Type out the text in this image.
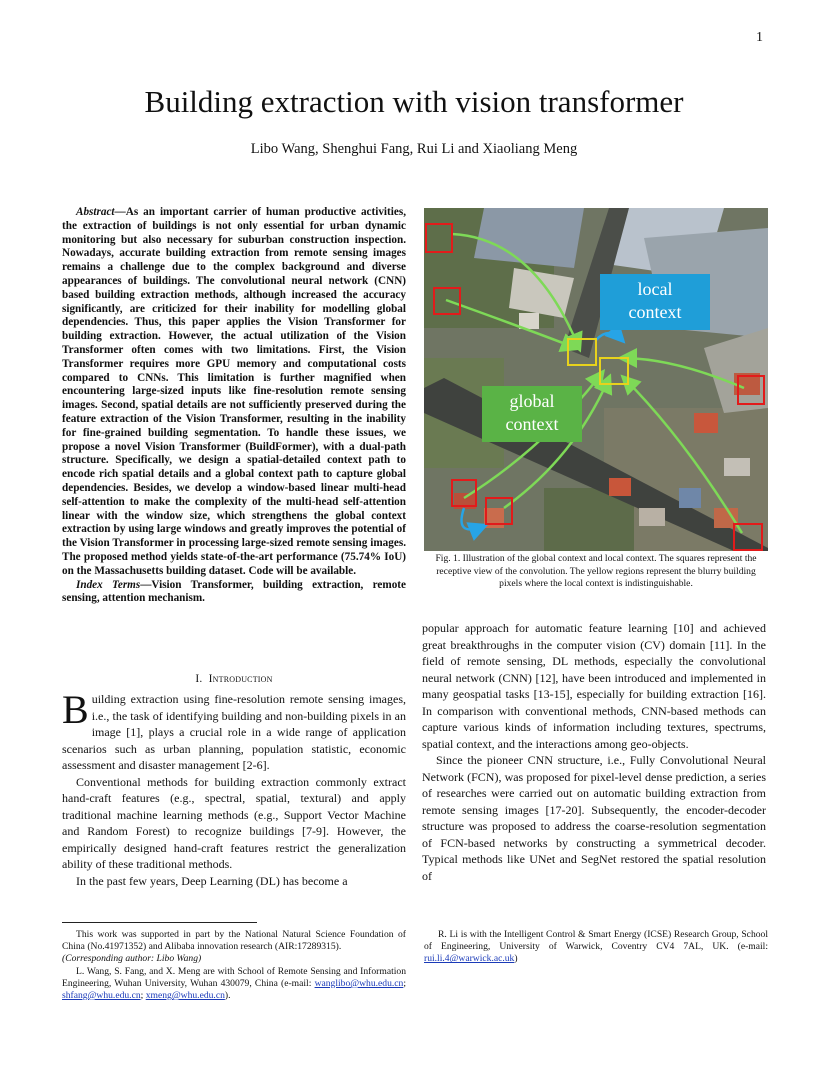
1
Building extraction with vision transformer
Libo Wang, Shenghui Fang, Rui Li and Xiaoliang Meng

Abstract—As an important carrier of human productive activities, the extraction of buildings is not only essential for urban dynamic monitoring but also necessary for suburban construction inspection. Nowadays, accurate building extraction from remote sensing images remains a challenge due to the complex background and diverse appearances of buildings. The convolutional neural network (CNN) based building extraction methods, although increased the accuracy significantly, are criticized for their inability for modelling global dependencies. Thus, this paper applies the Vision Transformer for building extraction. However, the actual utilization of the Vision Transformer often comes with two limitations. First, the Vision Transformer requires more GPU memory and computational costs compared to CNNs. This limitation is further magnified when encountering large-sized inputs like fine-resolution remote sensing images. Second, spatial details are not sufficiently preserved during the feature extraction of the Vision Transformer, resulting in the inability for fine-grained building segmentation. To handle these issues, we propose a novel Vision Transformer (BuildFormer), with a dual-path structure. Specifically, we design a spatial-detailed context path to encode rich spatial details and a global context path to capture global dependencies. Besides, we develop a window-based linear multi-head self-attention to make the complexity of the multi-head self-attention linear with the window size, which strengthens the global context extraction by using large windows and greatly improves the potential of the Vision Transformer in processing large-sized remote sensing images. The proposed method yields state-of-the-art performance (75.74% IoU) on the Massachusetts building dataset. Code will be available.

Index Terms—Vision Transformer, building extraction, remote sensing, attention mechanism.

I. Introduction

Building extraction using fine-resolution remote sensing images, i.e., the task of identifying building and non-building pixels in an image [1], plays a crucial role in a wide range of application scenarios such as urban planning, population statistic, economic assessment and disaster management [2-6].

Conventional methods for building extraction commonly extract hand-craft features (e.g., spectral, spatial, textural) and apply traditional machine learning methods (e.g., Support Vector Machine and Random Forest) to recognize buildings [7-9]. However, the empirically designed hand-craft features restrict the generalization ability of these traditional methods.

In the past few years, Deep Learning (DL) has become a

local
context
global
context
Fig. 1. Illustration of the global context and local context. The squares represent the receptive view of the convolution. The yellow regions represent the blurry building pixels where the local context is indistinguishable.

popular approach for automatic feature learning [10] and achieved great breakthroughs in the computer vision (CV) domain [11]. In the field of remote sensing, DL methods, especially the convolutional neural network (CNN) [12], have been introduced and implemented in many geospatial tasks [13-15], especially for building extraction [16]. In comparison with conventional methods, CNN-based methods can capture various kinds of information including textures, spectrums, spatial context, and the interactions among geo-objects.

Since the pioneer CNN structure, i.e., Fully Convolutional Neural Network (FCN), was proposed for pixel-level dense prediction, a series of researches were carried out on automatic building extraction from remote sensing images [17-20]. Subsequently, the encoder-decoder structure was proposed to address the coarse-resolution segmentation of FCN-based networks by constructing a symmetrical decoder. Typical methods like UNet and SegNet restored the spatial resolution of

This work was supported in part by the National Natural Science Foundation of China (No.41971352) and Alibaba innovation research (AIR:17289315).

(Corresponding author: Libo Wang)

L. Wang, S. Fang, and X. Meng are with School of Remote Sensing and Information Engineering, Wuhan University, Wuhan 430079, China (e-mail: wanglibo@whu.edu.cn; shfang@whu.edu.cn; xmeng@whu.edu.cn).

R. Li is with the Intelligent Control & Smart Energy (ICSE) Research Group, School of Engineering, University of Warwick, Coventry CV4 7AL, UK. (e-mail: rui.li.4@warwick.ac.uk)
